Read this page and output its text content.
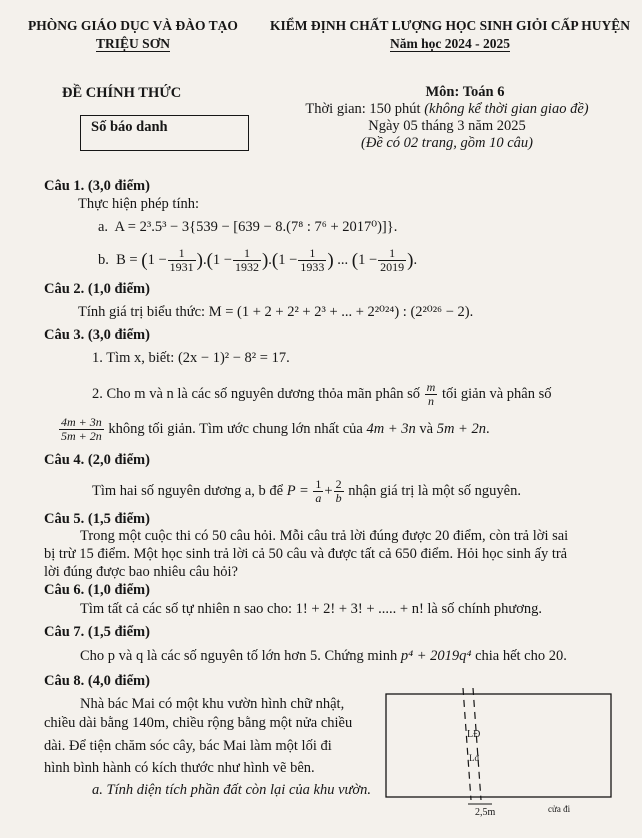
PHÒNG GIÁO DỤC VÀ ĐÀO TẠO
TRIỆU SƠN
KIỂM ĐỊNH CHẤT LƯỢNG HỌC SINH GIỎI CẤP HUYỆN
Năm học 2024 - 2025
ĐỀ CHÍNH THỨC
Số báo danh
Môn: Toán 6
Thời gian: 150 phút (không kể thời gian giao đề)
Ngày 05 tháng 3 năm 2025
(Đề có 02 trang, gồm 10 câu)
Câu 1. (3,0 điểm)
Thực hiện phép tính:
a. A = 2³.5³ − 3{539 − [639 − 8.(7⁸ : 7⁶ + 2017⁰)]}.
b. $B = (1 - \frac{1}{1931} ).(1 - \frac{1}{1932} ).(1 - \frac{1}{1933}$ ) ... ($1 - \frac{1}{2019}$ ).
Câu 2. (1,0 điểm)
Tính giá trị biểu thức: M = (1 + 2 + 2² + 2³ + ... + 2²⁰²⁴) : (2²⁰²⁶ − 2).
Câu 3. (3,0 điểm)
1. Tìm x, biết: (2x − 1)² − 8² = 17.
2. Cho m và n là các số nguyên dương thỏa mãn phân số $\frac{m}{n}$ tối giản và phân số
$\frac{4m + 3n}{5m + 2n}$ không tối giản. Tìm ước chung lớn nhất của 4m + 3n và 5m + 2n.
Câu 4. (2,0 điểm)
Tìm hai số nguyên dương a, b để $P = \frac{1}{a} + \frac{2}{b}$ nhận giá trị là một số nguyên.
Câu 5. (1,5 điểm)
Trong một cuộc thi có 50 câu hỏi. Mỗi câu trả lời đúng được 20 điểm, còn trả lời sai
bị trừ 15 điểm. Một học sinh trả lời cả 50 câu và được tất cả 650 điểm. Hỏi học sinh ấy trả
lời đúng được bao nhiêu câu hỏi?
Câu 6. (1,0 điểm)
Tìm tất cả các số tự nhiên n sao cho: 1! + 2! + 3! + ..... + n! là số chính phương.
Câu 7. (1,5 điểm)
Cho p và q là các số nguyên tố lớn hơn 5. Chứng minh p⁴ + 2019q⁴ chia hết cho 20.
Câu 8. (4,0 điểm)
Nhà bác Mai có một khu vườn hình chữ nhật,
chiều dài bằng 140m, chiều rộng bằng một nửa chiều
dài. Để tiện chăm sóc cây, bác Mai làm một lối đi
hình bình hành có kích thước như hình vẽ bên.
a. Tính diện tích phần đất còn lại của khu vườn.
LĐ
Lđ
2,5m	cửa đi
